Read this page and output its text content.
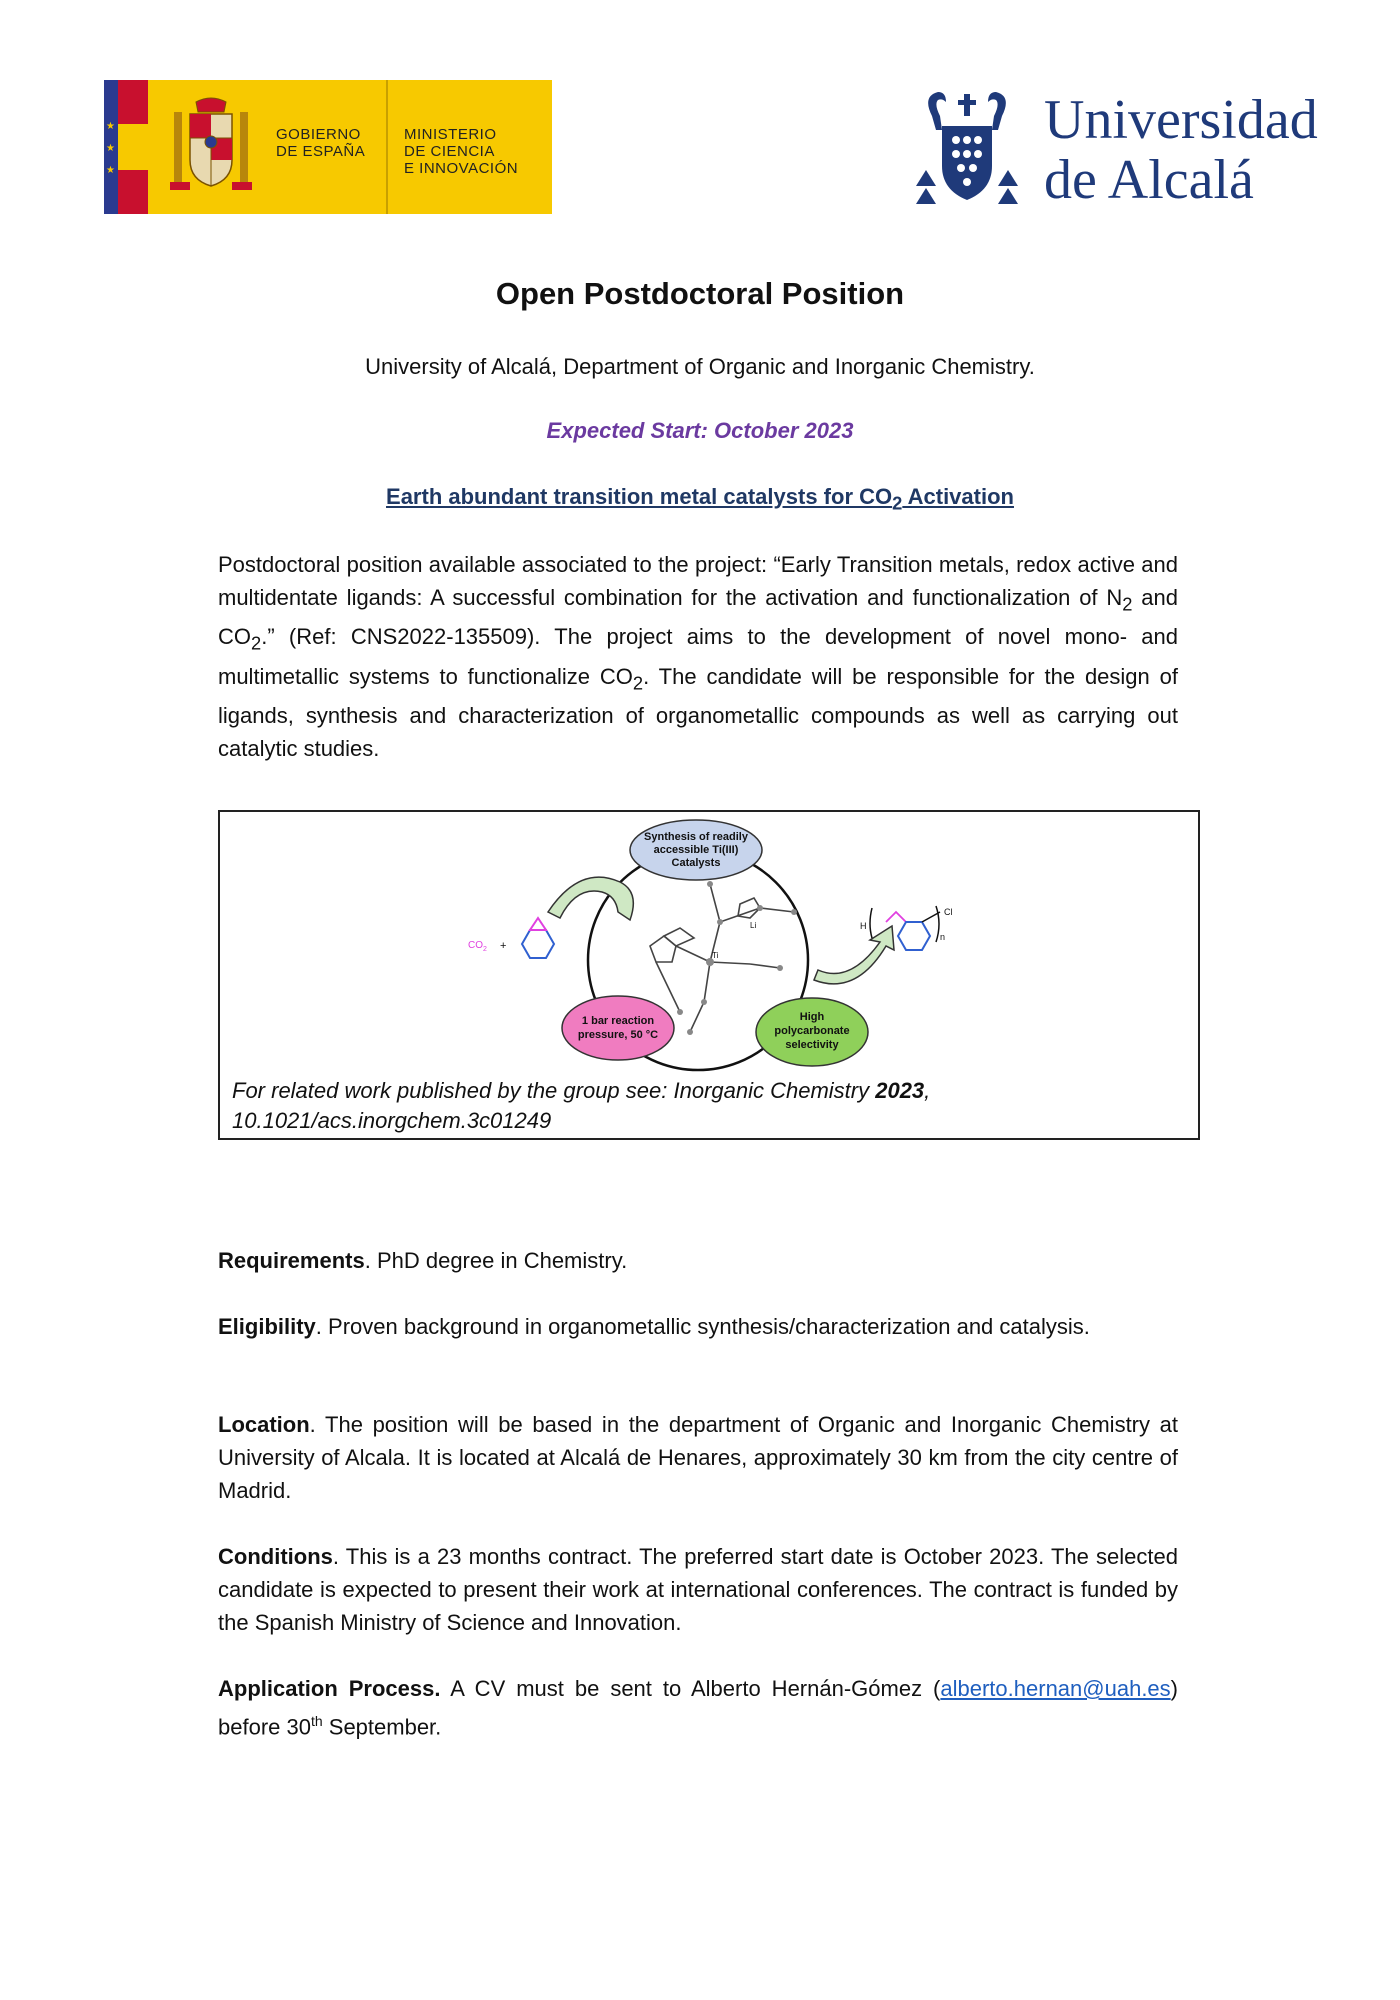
★
★
★
GOBIERNO
DE ESPAÑA
MINISTERIO
DE CIENCIA
E INNOVACIÓN
Universidad
de Alcalá
Open Postdoctoral Position
University of Alcalá, Department of Organic and Inorganic Chemistry.
Expected Start: October 2023
Earth abundant transition metal catalysts for $CO_2$ Activation
Postdoctoral position available associated to the project: “Early Transition metals, redox active and multidentate ligands: A successful combination for the activation and functionalization of $N_2$ and $CO_2$.” (Ref: CNS2022-135509). The project aims to the development of novel mono- and multimetallic systems to functionalize $CO_2$. The candidate will be responsible for the design of ligands, synthesis and characterization of organometallic compounds as well as carrying out catalytic studies.
$CO_2$ +
Ti
Li	H
Cl
n
Synthesis of readily
accessible Ti(III)
Catalysts
1 bar reaction
pressure, 50 °C
High
polycarbonate
selectivity
For related work published by the group see: Inorganic Chemistry 2023,
10.1021/acs.inorgchem.3c01249
Requirements. PhD degree in Chemistry.
Eligibility. Proven background in organometallic synthesis/characterization and catalysis.
Location. The position will be based in the department of Organic and Inorganic Chemistry at University of Alcala. It is located at Alcalá de Henares, approximately 30 km from the city centre of Madrid.
Conditions. This is a 23 months contract. The preferred start date is October 2023. The selected candidate is expected to present their work at international conferences. The contract is funded by the Spanish Ministry of Science and Innovation.
Application Process. A CV must be sent to Alberto Hernán-Gómez (alberto.hernan@uah.es) before 30th September.
